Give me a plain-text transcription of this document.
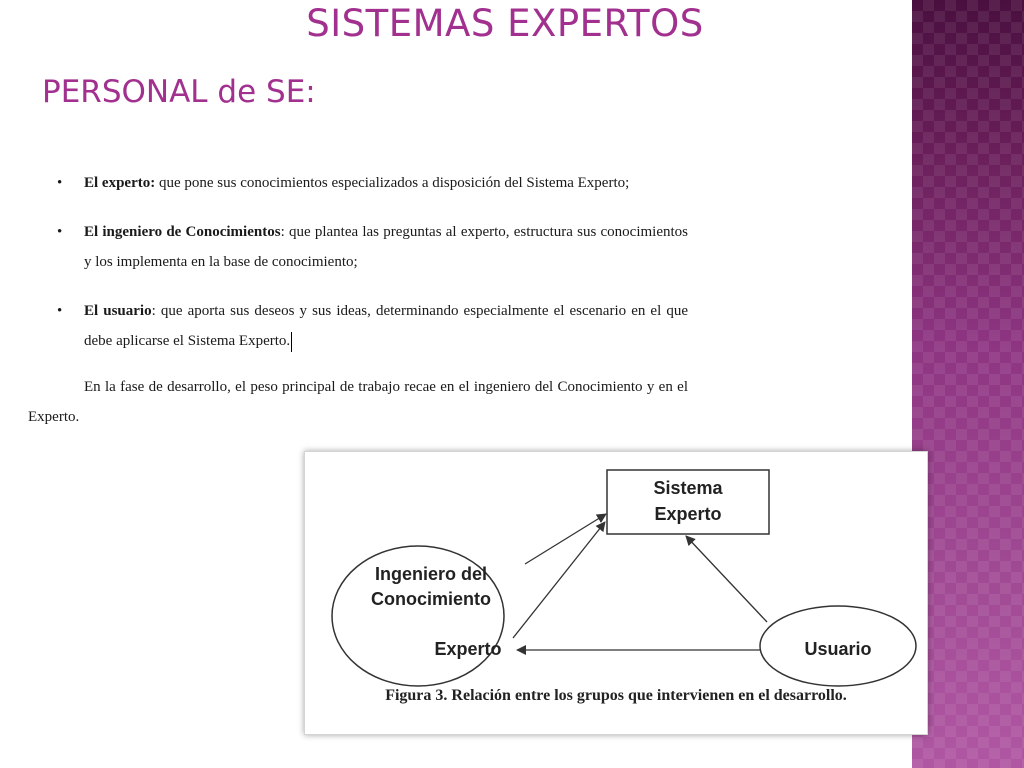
SISTEMAS EXPERTOS
PERSONAL de SE:
• El experto: que pone sus conocimientos especializados a disposición del Sistema Experto;
• El ingeniero de Conocimientos: que plantea las preguntas al experto, estructura sus conocimientos y los implementa en la base de conocimiento;
• El usuario: que aporta sus deseos y sus ideas, determinando especialmente el escenario en el que debe aplicarse el Sistema Experto.

En la fase de desarrollo, el peso principal de trabajo recae en el ingeniero del Conocimiento y en el Experto.

Sistema
Experto
Ingeniero del
Conocimiento
Experto	Usuario
Figura 3. Relación entre los grupos que intervienen en el desarrollo.
